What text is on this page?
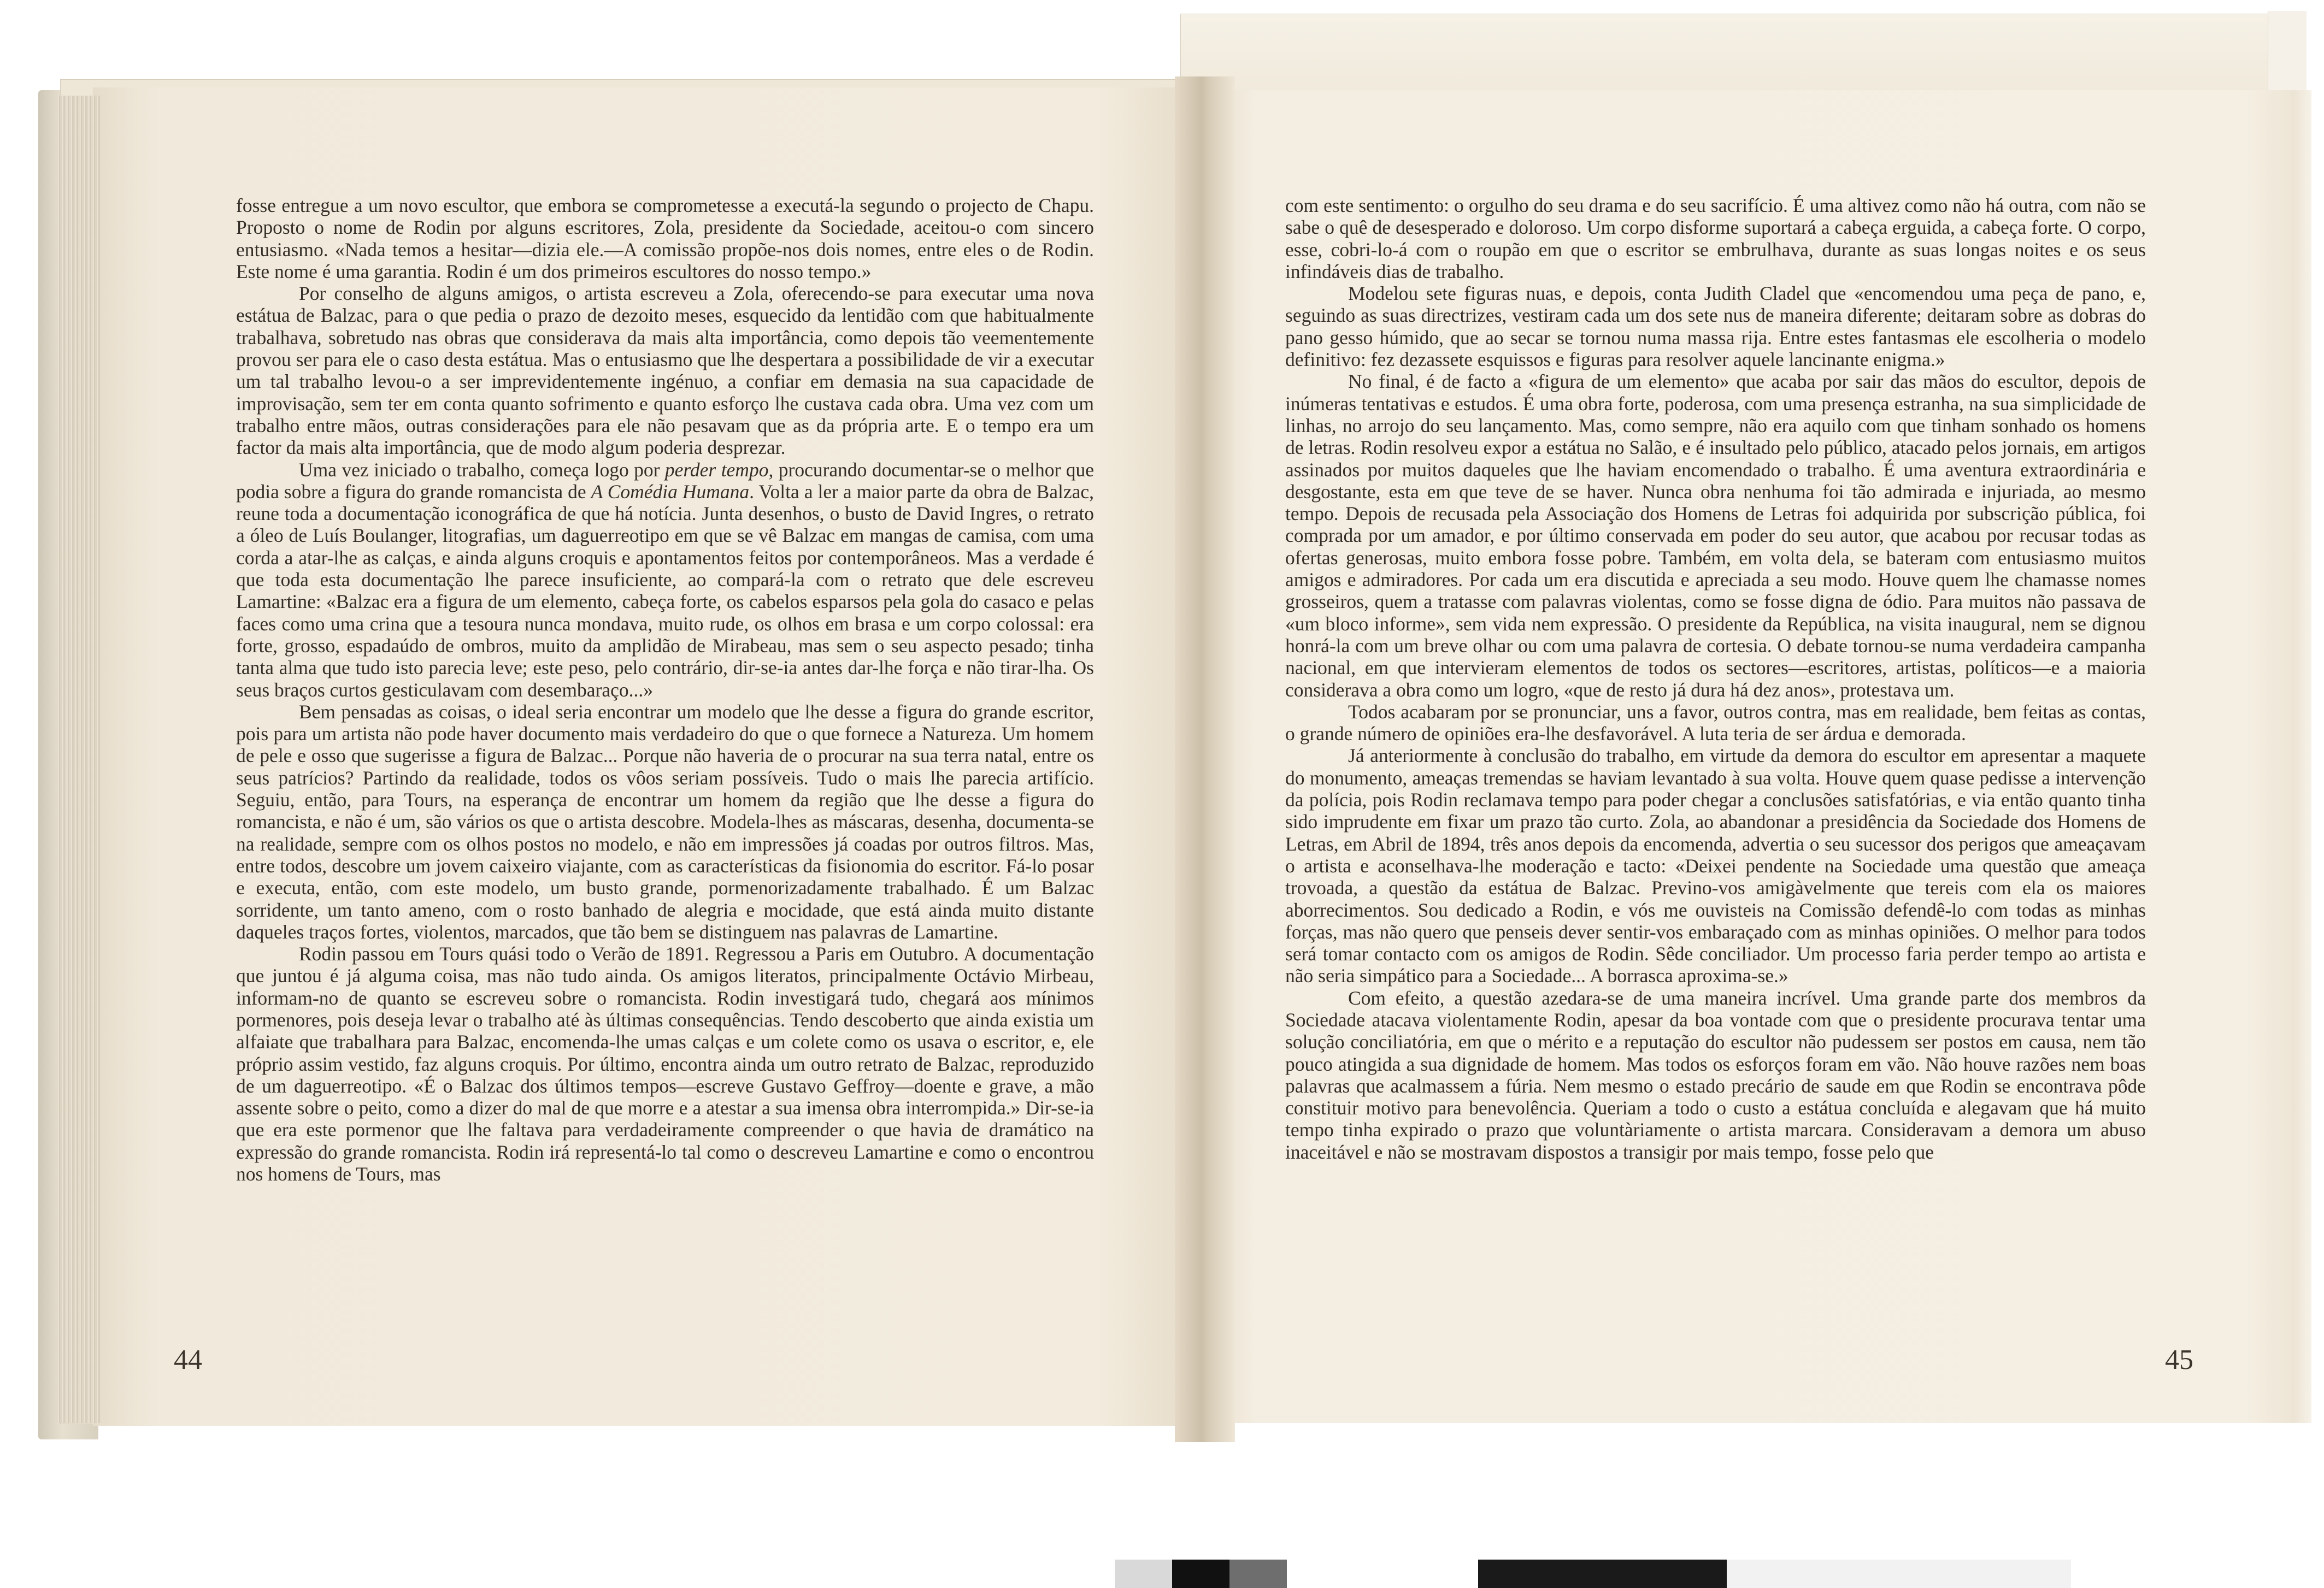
fosse entregue a um novo escultor, que embora se comprometesse a executá-la segundo o projecto de Chapu. Proposto o nome de Rodin por alguns escritores, Zola, presidente da Sociedade, aceitou-o com sincero entusiasmo. «Nada temos a hesitar—dizia ele.—A comissão propõe-nos dois nomes, entre eles o de Rodin. Este nome é uma garantia. Rodin é um dos primeiros escultores do nosso tempo.»

Por conselho de alguns amigos, o artista escreveu a Zola, oferecendo-se para executar uma nova estátua de Balzac, para o que pedia o prazo de dezoito meses, esquecido da lentidão com que habitualmente trabalhava, sobretudo nas obras que considerava da mais alta importância, como depois tão veementemente provou ser para ele o caso desta estátua. Mas o entusiasmo que lhe despertara a possibilidade de vir a executar um tal trabalho levou-o a ser imprevidentemente ingénuo, a confiar em demasia na sua capacidade de improvisação, sem ter em conta quanto sofrimento e quanto esforço lhe custava cada obra. Uma vez com um trabalho entre mãos, outras considerações para ele não pesavam que as da própria arte. E o tempo era um factor da mais alta importância, que de modo algum poderia desprezar.

Uma vez iniciado o trabalho, começa logo por perder tempo, procurando documentar-se o melhor que podia sobre a figura do grande romancista de A Comédia Humana. Volta a ler a maior parte da obra de Balzac, reune toda a documentação iconográfica de que há notícia. Junta desenhos, o busto de David Ingres, o retrato a óleo de Luís Boulanger, litografias, um daguerreotipo em que se vê Balzac em mangas de camisa, com uma corda a atar-lhe as calças, e ainda alguns croquis e apontamentos feitos por contemporâneos. Mas a verdade é que toda esta documentação lhe parece insuficiente, ao compará-la com o retrato que dele escreveu Lamartine: «Balzac era a figura de um elemento, cabeça forte, os cabelos esparsos pela gola do casaco e pelas faces como uma crina que a tesoura nunca mondava, muito rude, os olhos em brasa e um corpo colossal: era forte, grosso, espadaúdo de ombros, muito da amplidão de Mirabeau, mas sem o seu aspecto pesado; tinha tanta alma que tudo isto parecia leve; este peso, pelo contrário, dir-se-ia antes dar-lhe força e não tirar-lha. Os seus braços curtos gesticulavam com desembaraço...»

Bem pensadas as coisas, o ideal seria encontrar um modelo que lhe desse a figura do grande escritor, pois para um artista não pode haver documento mais verdadeiro do que o que fornece a Natureza. Um homem de pele e osso que sugerisse a figura de Balzac... Porque não haveria de o procurar na sua terra natal, entre os seus patrícios? Partindo da realidade, todos os vôos seriam possíveis. Tudo o mais lhe parecia artifício. Seguiu, então, para Tours, na esperança de encontrar um homem da região que lhe desse a figura do romancista, e não é um, são vários os que o artista descobre. Modela-lhes as máscaras, desenha, documenta-se na realidade, sempre com os olhos postos no modelo, e não em impressões já coadas por outros filtros. Mas, entre todos, descobre um jovem caixeiro viajante, com as características da fisionomia do escritor. Fá-lo posar e executa, então, com este modelo, um busto grande, pormenorizadamente trabalhado. É um Balzac sorridente, um tanto ameno, com o rosto banhado de alegria e mocidade, que está ainda muito distante daqueles traços fortes, violentos, marcados, que tão bem se distinguem nas palavras de Lamartine.

Rodin passou em Tours quási todo o Verão de 1891. Regressou a Paris em Outubro. A documentação que juntou é já alguma coisa, mas não tudo ainda. Os amigos literatos, principalmente Octávio Mirbeau, informam-no de quanto se escreveu sobre o romancista. Rodin investigará tudo, chegará aos mínimos pormenores, pois deseja levar o trabalho até às últimas consequências. Tendo descoberto que ainda existia um alfaiate que trabalhara para Balzac, encomenda-lhe umas calças e um colete como os usava o escritor, e, ele próprio assim vestido, faz alguns croquis. Por último, encontra ainda um outro retrato de Balzac, reproduzido de um daguerreotipo. «É o Balzac dos últimos tempos—escreve Gustavo Geffroy—doente e grave, a mão assente sobre o peito, como a dizer do mal de que morre e a atestar a sua imensa obra interrompida.» Dir-se-ia que era este pormenor que lhe faltava para verdadeiramente compreender o que havia de dramático na expressão do grande romancista. Rodin irá representá-lo tal como o descreveu Lamartine e como o encontrou nos homens de Tours, mas

com este sentimento: o orgulho do seu drama e do seu sacrifício. É uma altivez como não há outra, com não se sabe o quê de desesperado e doloroso. Um corpo disforme suportará a cabeça erguida, a cabeça forte. O corpo, esse, cobri-lo-á com o roupão em que o escritor se embrulhava, durante as suas longas noites e os seus infindáveis dias de trabalho.

Modelou sete figuras nuas, e depois, conta Judith Cladel que «encomendou uma peça de pano, e, seguindo as suas directrizes, vestiram cada um dos sete nus de maneira diferente; deitaram sobre as dobras do pano gesso húmido, que ao secar se tornou numa massa rija. Entre estes fantasmas ele escolheria o modelo definitivo: fez dezassete esquissos e figuras para resolver aquele lancinante enigma.»

No final, é de facto a «figura de um elemento» que acaba por sair das mãos do escultor, depois de inúmeras tentativas e estudos. É uma obra forte, poderosa, com uma presença estranha, na sua simplicidade de linhas, no arrojo do seu lançamento. Mas, como sempre, não era aquilo com que tinham sonhado os homens de letras. Rodin resolveu expor a estátua no Salão, e é insultado pelo público, atacado pelos jornais, em artigos assinados por muitos daqueles que lhe haviam encomendado o trabalho. É uma aventura extraordinária e desgostante, esta em que teve de se haver. Nunca obra nenhuma foi tão admirada e injuriada, ao mesmo tempo. Depois de recusada pela Associação dos Homens de Letras foi adquirida por subscrição pública, foi comprada por um amador, e por último conservada em poder do seu autor, que acabou por recusar todas as ofertas generosas, muito embora fosse pobre. Também, em volta dela, se bateram com entusiasmo muitos amigos e admiradores. Por cada um era discutida e apreciada a seu modo. Houve quem lhe chamasse nomes grosseiros, quem a tratasse com palavras violentas, como se fosse digna de ódio. Para muitos não passava de «um bloco informe», sem vida nem expressão. O presidente da República, na visita inaugural, nem se dignou honrá-la com um breve olhar ou com uma palavra de cortesia. O debate tornou-se numa verdadeira campanha nacional, em que intervieram elementos de todos os sectores—escritores, artistas, políticos—e a maioria considerava a obra como um logro, «que de resto já dura há dez anos», protestava um.

Todos acabaram por se pronunciar, uns a favor, outros contra, mas em realidade, bem feitas as contas, o grande número de opiniões era-lhe desfavorável. A luta teria de ser árdua e demorada.

Já anteriormente à conclusão do trabalho, em virtude da demora do escultor em apresentar a maquete do monumento, ameaças tremendas se haviam levantado à sua volta. Houve quem quase pedisse a intervenção da polícia, pois Rodin reclamava tempo para poder chegar a conclusões satisfatórias, e via então quanto tinha sido imprudente em fixar um prazo tão curto. Zola, ao abandonar a presidência da Sociedade dos Homens de Letras, em Abril de 1894, três anos depois da encomenda, advertia o seu sucessor dos perigos que ameaçavam o artista e aconselhava-lhe moderação e tacto: «Deixei pendente na Sociedade uma questão que ameaça trovoada, a questão da estátua de Balzac. Previno-vos amigàvelmente que tereis com ela os maiores aborrecimentos. Sou dedicado a Rodin, e vós me ouvisteis na Comissão defendê-lo com todas as minhas forças, mas não quero que penseis dever sentir-vos embaraçado com as minhas opiniões. O melhor para todos será tomar contacto com os amigos de Rodin. Sêde conciliador. Um processo faria perder tempo ao artista e não seria simpático para a Sociedade... A borrasca aproxima-se.»

Com efeito, a questão azedara-se de uma maneira incrível. Uma grande parte dos membros da Sociedade atacava violentamente Rodin, apesar da boa vontade com que o presidente procurava tentar uma solução conciliatória, em que o mérito e a reputação do escultor não pudessem ser postos em causa, nem tão pouco atingida a sua dignidade de homem. Mas todos os esforços foram em vão. Não houve razões nem boas palavras que acalmassem a fúria. Nem mesmo o estado precário de saude em que Rodin se encontrava pôde constituir motivo para benevolência. Queriam a todo o custo a estátua concluída e alegavam que há muito tempo tinha expirado o prazo que voluntàriamente o artista marcara. Consideravam a demora um abuso inaceitável e não se mostravam dispostos a transigir por mais tempo, fosse pelo que

44	45
